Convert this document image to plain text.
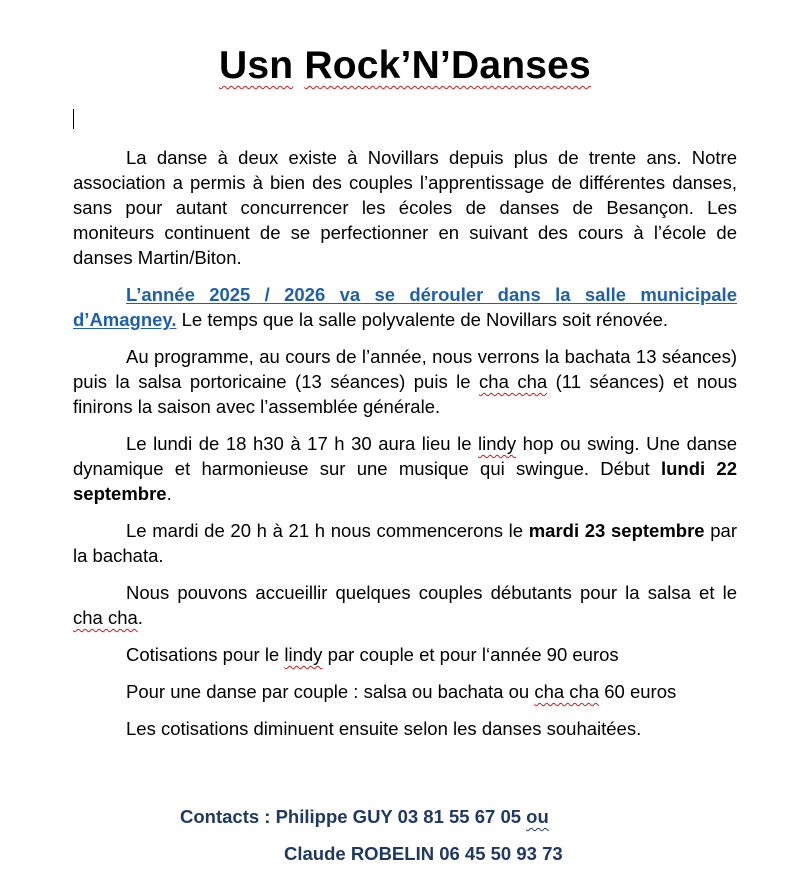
Usn Rock’N’Danses

La danse à deux existe à Novillars depuis plus de trente ans. Notre association a permis à bien des couples l’apprentissage de différentes danses, sans pour autant concurrencer les écoles de danses de Besançon. Les moniteurs continuent de se perfectionner en suivant des cours à l’école de danses Martin/Biton.

L’année 2025 / 2026 va se dérouler dans la salle municipale d’Amagney. Le temps que la salle polyvalente de Novillars soit rénovée.

Au programme, au cours de l’année, nous verrons la bachata 13 séances) puis la salsa portoricaine (13 séances) puis le cha cha (11 séances) et nous finirons la saison avec l’assemblée générale.

Le lundi de 18 h30 à 17 h 30 aura lieu le lindy hop ou swing. Une danse dynamique et harmonieuse sur une musique qui swingue. Début lundi 22 septembre.

Le mardi de 20 h à 21 h nous commencerons le mardi 23 septembre par la bachata.

Nous pouvons accueillir quelques couples débutants pour la salsa et le cha cha.

Cotisations pour le lindy par couple et pour l‘année 90 euros

Pour une danse par couple : salsa ou bachata ou cha cha 60 euros

Les cotisations diminuent ensuite selon les danses souhaitées.

Contacts : Philippe GUY 03 81 55 67 05 ou
Claude ROBELIN 06 45 50 93 73
